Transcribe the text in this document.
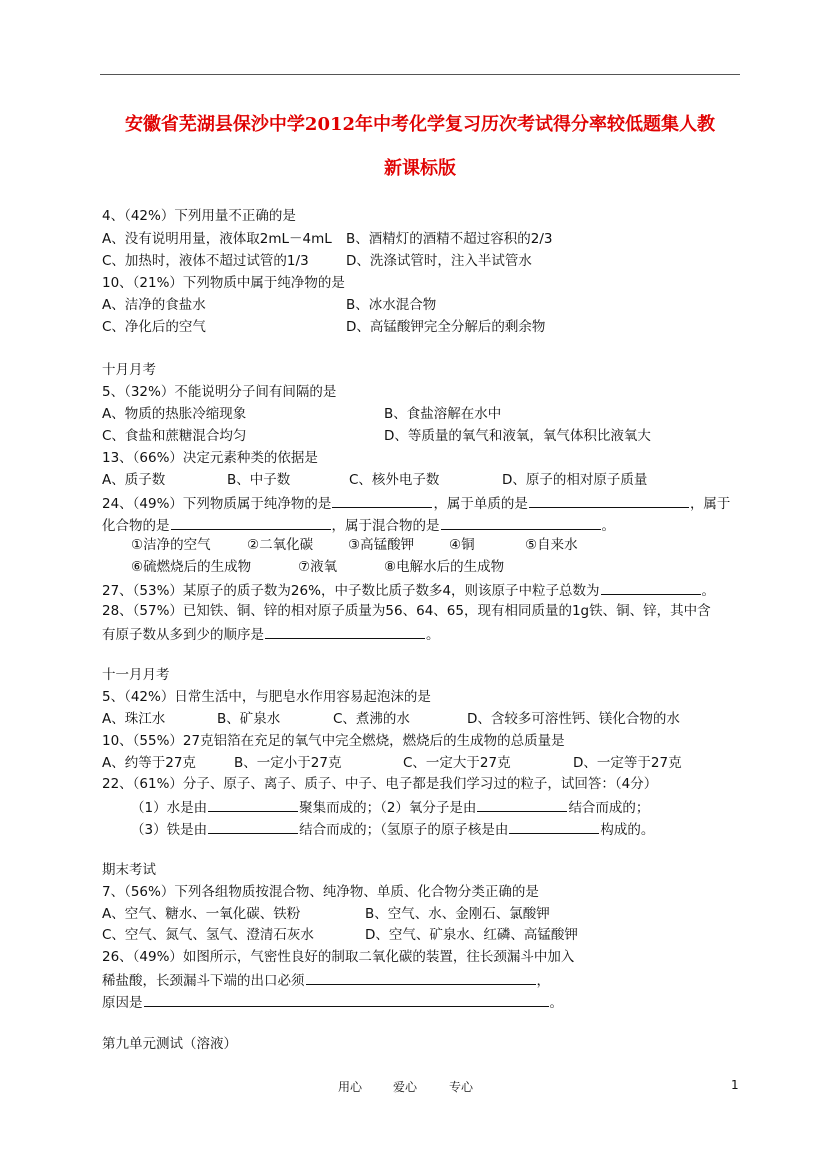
安徽省芜湖县保沙中学2012年中考化学复习历次考试得分率较低题集人教
新课标版
4、（42%）下列用量不正确的是
A、没有说明用量，液体取2mL－4mL B、酒精灯的酒精不超过容积的2/3
C、加热时，液体不超过试管的1/3	D、洗涤试管时，注入半试管水
10、（21%）下列物质中属于纯净物的是
A、洁净的食盐水	B、冰水混合物
C、净化后的空气	D、高锰酸钾完全分解后的剩余物
十月月考
5、（32%）不能说明分子间有间隔的是
A、物质的热胀冷缩现象	B、食盐溶解在水中
C、食盐和蔗糖混合均匀	D、等质量的氧气和液氧，氧气体积比液氧大
13、（66%）决定元素种类的依据是
A、质子数	B、中子数	C、核外电子数	D、原子的相对原子质量
24、（49%）下列物质属于纯净物的是	，属于单质的是	，属于
化合物的是	，属于混合物的是	。
①洁净的空气	②二氧化碳	③高锰酸钾	④铜	⑤自来水
⑥硫燃烧后的生成物	⑦液氧	⑧电解水后的生成物
27、（53%）某原子的质子数为26%，中子数比质子数多4，则该原子中粒子总数为	。
28、（57%）已知铁、铜、锌的相对原子质量为56、64、65，现有相同质量的1g铁、铜、锌，其中含
有原子数从多到少的顺序是	。
十一月月考
5、（42%）日常生活中，与肥皂水作用容易起泡沫的是
A、珠江水	B、矿泉水	C、煮沸的水	D、含较多可溶性钙、镁化合物的水
10、（55%）27克铝箔在充足的氧气中完全燃烧，燃烧后的生成物的总质量是
A、约等于27克	B、一定小于27克	C、一定大于27克	D、一定等于27克
22、（61%）分子、原子、离子、质子、中子、电子都是我们学习过的粒子，试回答：（4分）
（1）水是由	聚集而成的；（2）氧分子是由	结合而成的；
（3）铁是由	结合而成的；（氢原子的原子核是由	构成的。
期末考试
7、（56%）下列各组物质按混合物、纯净物、单质、化合物分类正确的是
A、空气、糖水、一氧化碳、铁粉	B、空气、水、金刚石、氯酸钾
C、空气、氮气、氢气、澄清石灰水	D、空气、矿泉水、红磷、高锰酸钾
26、（49%）如图所示，气密性良好的制取二氧化碳的装置，往长颈漏斗中加入
稀盐酸，长颈漏斗下端的出口必须	，
原因是	。
第九单元测试（溶液）
用心	爱心	专心	1
